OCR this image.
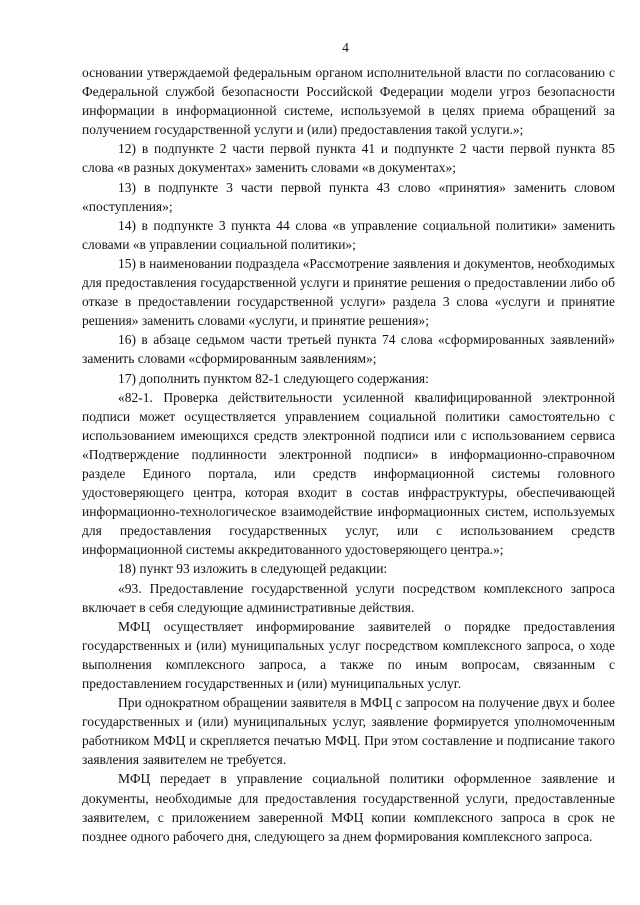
4

основании утверждаемой федеральным органом исполнительной власти по согласованию с Федеральной службой безопасности Российской Федерации модели угроз безопасности информации в информационной системе, используемой в целях приема обращений за получением государственной услуги и (или) предоставления такой услуги.»;

12) в подпункте 2 части первой пункта 41 и подпункте 2 части первой пункта 85 слова «в разных документах» заменить словами «в документах»;

13) в подпункте 3 части первой пункта 43 слово «принятия» заменить словом «поступления»;

14) в подпункте 3 пункта 44 слова «в управление социальной политики» заменить словами «в управлении социальной политики»;

15) в наименовании подраздела «Рассмотрение заявления и документов, необходимых для предоставления государственной услуги и принятие решения о предоставлении либо об отказе в предоставлении государственной услуги» раздела 3 слова «услуги и принятие решения» заменить словами «услуги, и принятие решения»;

16) в абзаце седьмом части третьей пункта 74 слова «сформированных заявлений» заменить словами «сформированным заявлениям»;

17) дополнить пунктом 82-1 следующего содержания:

«82-1. Проверка действительности усиленной квалифицированной электронной подписи может осуществляется управлением социальной политики самостоятельно с использованием имеющихся средств электронной подписи или с использованием сервиса «Подтверждение подлинности электронной подписи» в информационно-справочном разделе Единого портала, или средств информационной системы головного удостоверяющего центра, которая входит в состав инфраструктуры, обеспечивающей информационно-технологическое взаимодействие информационных систем, используемых для предоставления государственных услуг, или с использованием средств информационной системы аккредитованного удостоверяющего центра.»;

18) пункт 93 изложить в следующей редакции:

«93. Предоставление государственной услуги посредством комплексного запроса включает в себя следующие административные действия.

МФЦ осуществляет информирование заявителей о порядке предоставления государственных и (или) муниципальных услуг посредством комплексного запроса, о ходе выполнения комплексного запроса, а также по иным вопросам, связанным с предоставлением государственных и (или) муниципальных услуг.

При однократном обращении заявителя в МФЦ с запросом на получение двух и более государственных и (или) муниципальных услуг, заявление формируется уполномоченным работником МФЦ и скрепляется печатью МФЦ. При этом составление и подписание такого заявления заявителем не требуется.

МФЦ передает в управление социальной политики оформленное заявление и документы, необходимые для предоставления государственной услуги, предоставленные заявителем, с приложением заверенной МФЦ копии комплексного запроса в срок не позднее одного рабочего дня, следующего за днем формирования комплексного запроса.
